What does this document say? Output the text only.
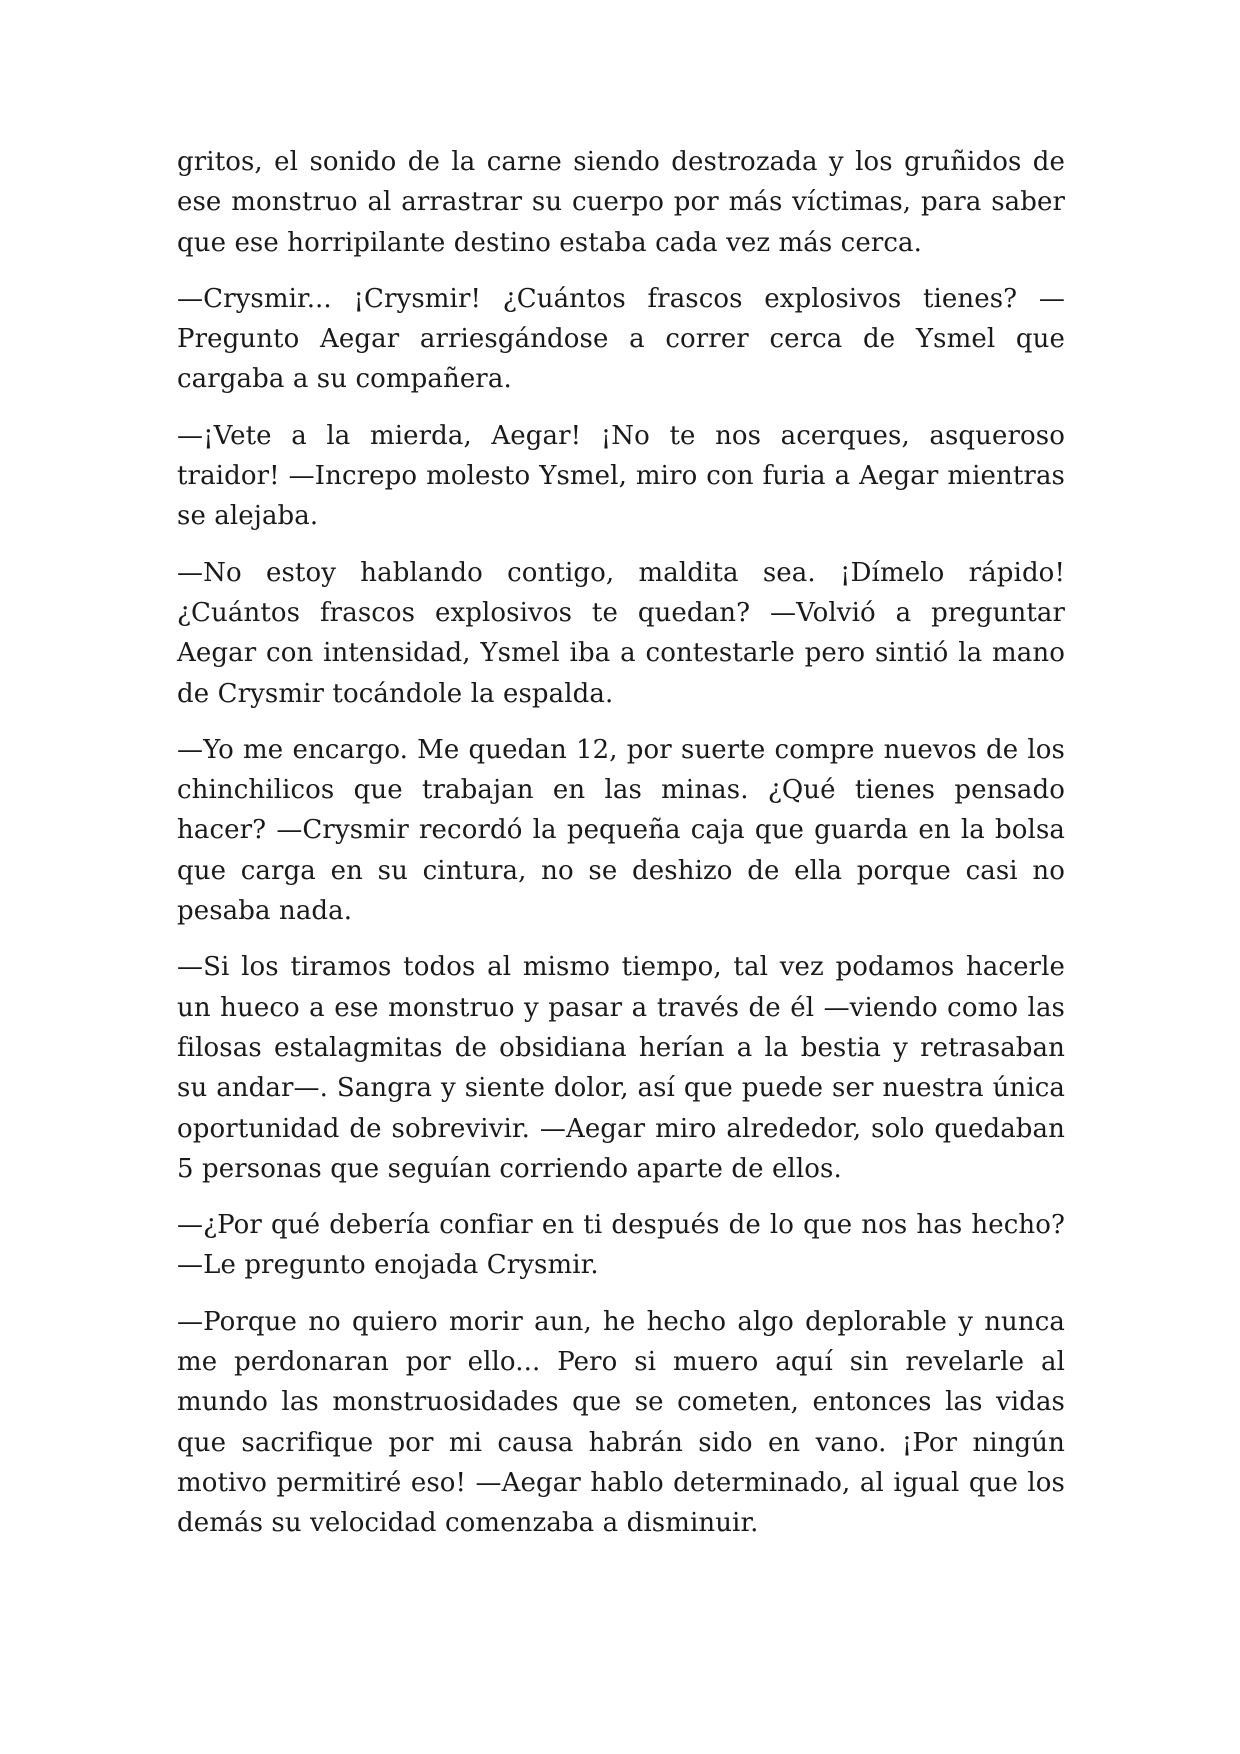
gritos, el sonido de la carne siendo destrozada y los gruñidos de ese monstruo al arrastrar su cuerpo por más víctimas, para saber que ese horripilante destino estaba cada vez más cerca.

—Crysmir... ¡Crysmir! ¿Cuántos frascos explosivos tienes? —Pregunto Aegar arriesgándose a correr cerca de Ysmel que cargaba a su compañera.

—¡Vete a la mierda, Aegar! ¡No te nos acerques, asqueroso traidor! —Increpo molesto Ysmel, miro con furia a Aegar mientras se alejaba.

—No estoy hablando contigo, maldita sea. ¡Dímelo rápido! ¿Cuántos frascos explosivos te quedan? —Volvió a preguntar Aegar con intensidad, Ysmel iba a contestarle pero sintió la mano de Crysmir tocándole la espalda.

—Yo me encargo. Me quedan 12, por suerte compre nuevos de los chinchilicos que trabajan en las minas. ¿Qué tienes pensado hacer? —Crysmir recordó la pequeña caja que guarda en la bolsa que carga en su cintura, no se deshizo de ella porque casi no pesaba nada.

—Si los tiramos todos al mismo tiempo, tal vez podamos hacerle un hueco a ese monstruo y pasar a través de él —viendo como las filosas estalagmitas de obsidiana herían a la bestia y retrasaban su andar—. Sangra y siente dolor, así que puede ser nuestra única oportunidad de sobrevivir. —Aegar miro alrededor, solo quedaban 5 personas que seguían corriendo aparte de ellos.

—¿Por qué debería confiar en ti después de lo que nos has hecho? —Le pregunto enojada Crysmir.

—Porque no quiero morir aun, he hecho algo deplorable y nunca me perdonaran por ello... Pero si muero aquí sin revelarle al mundo las monstruosidades que se cometen, entonces las vidas que sacrifique por mi causa habrán sido en vano. ¡Por ningún motivo permitiré eso! —Aegar hablo determinado, al igual que los demás su velocidad comenzaba a disminuir.
